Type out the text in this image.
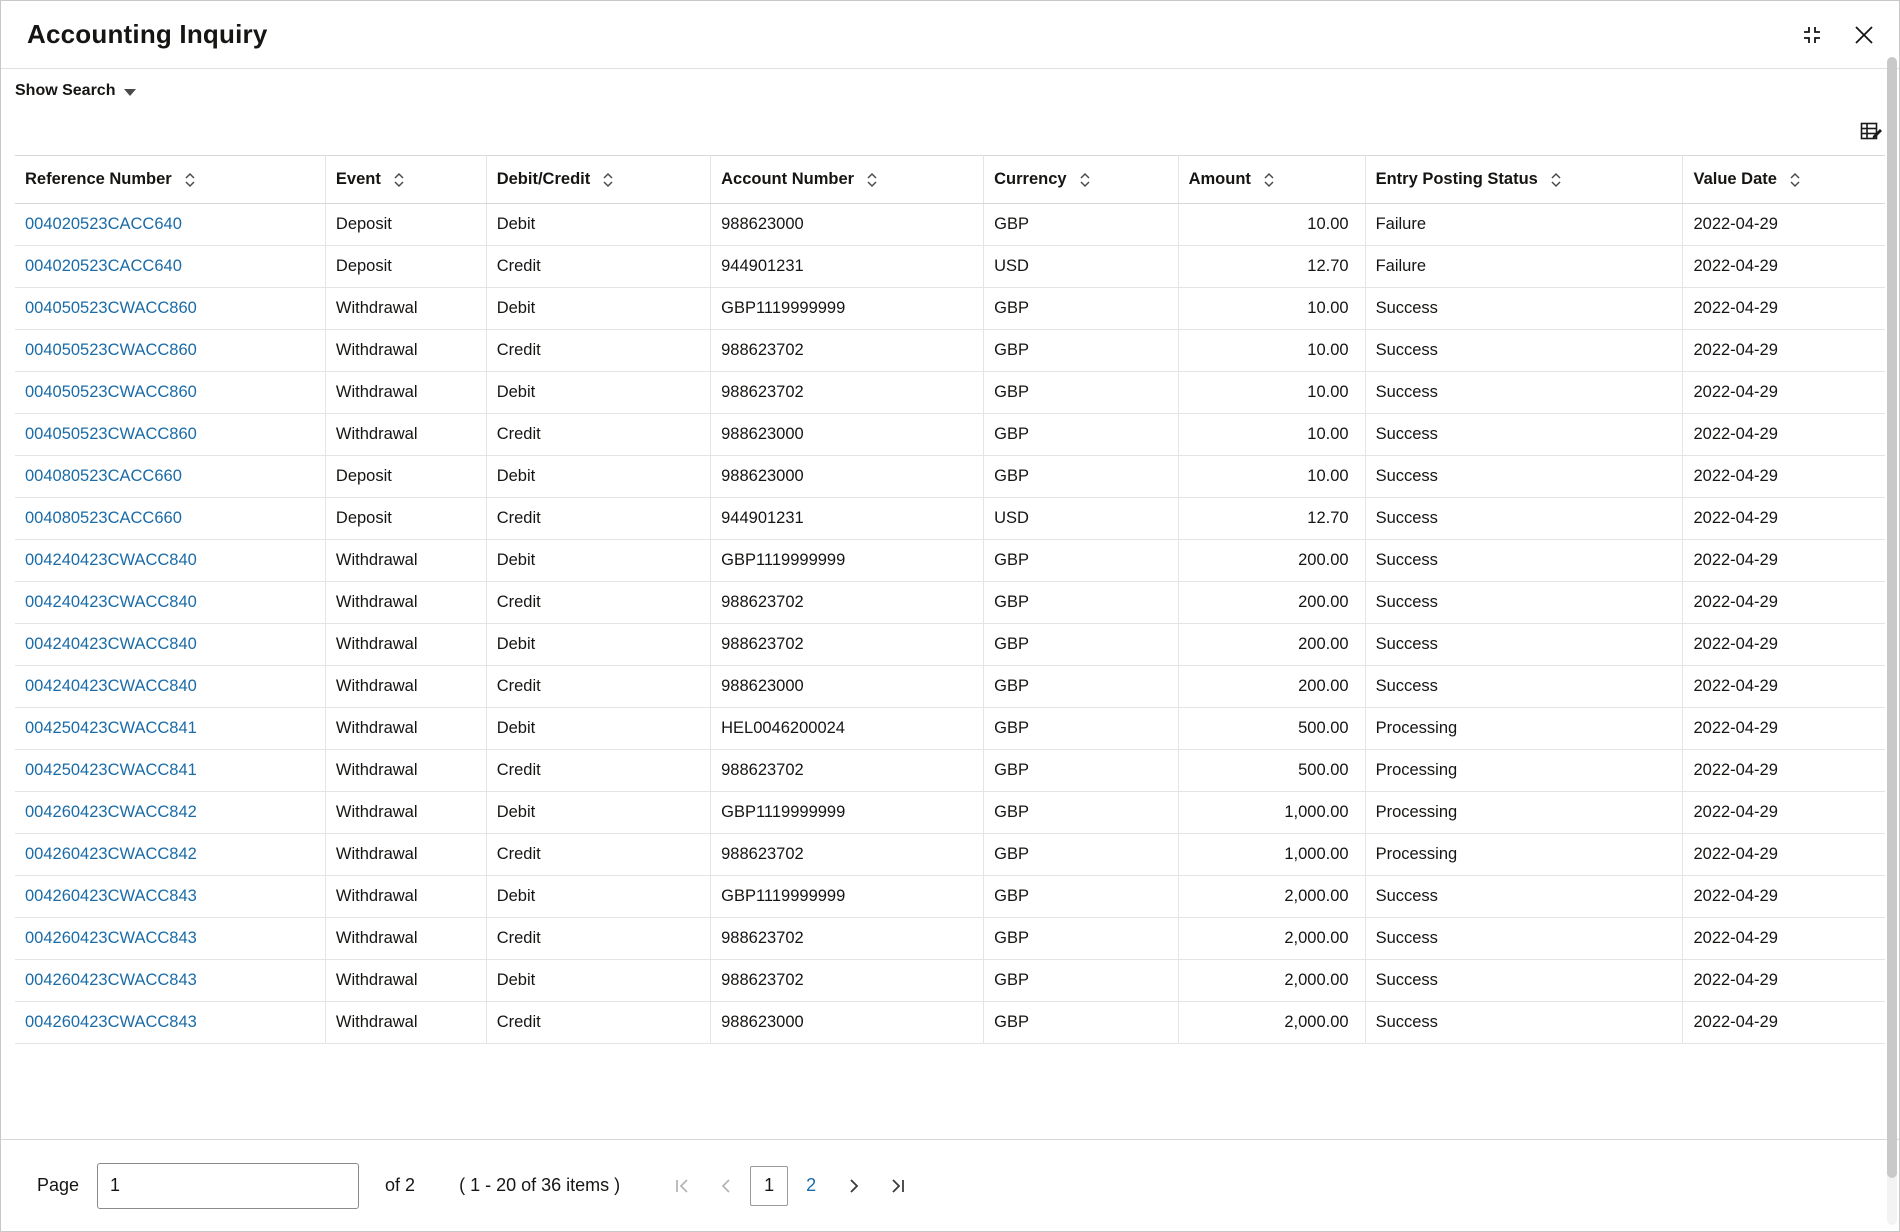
Accounting Inquiry
Show Search
Reference Number	Event	Debit/Credit	Account Number	Currency	Amount	Entry Posting Status	Value Date

004020523CACC640	Deposit	Debit	988623000	GBP	10.00	Failure	2022-04-29
004020523CACC640	Deposit	Credit	944901231	USD	12.70	Failure	2022-04-29
004050523CWACC860	Withdrawal	Debit	GBP1119999999	GBP	10.00	Success	2022-04-29
004050523CWACC860	Withdrawal	Credit	988623702	GBP	10.00	Success	2022-04-29
004050523CWACC860	Withdrawal	Debit	988623702	GBP	10.00	Success	2022-04-29
004050523CWACC860	Withdrawal	Credit	988623000	GBP	10.00	Success	2022-04-29
004080523CACC660	Deposit	Debit	988623000	GBP	10.00	Success	2022-04-29
004080523CACC660	Deposit	Credit	944901231	USD	12.70	Success	2022-04-29
004240423CWACC840	Withdrawal	Debit	GBP1119999999	GBP	200.00	Success	2022-04-29
004240423CWACC840	Withdrawal	Credit	988623702	GBP	200.00	Success	2022-04-29
004240423CWACC840	Withdrawal	Debit	988623702	GBP	200.00	Success	2022-04-29
004240423CWACC840	Withdrawal	Credit	988623000	GBP	200.00	Success	2022-04-29
004250423CWACC841	Withdrawal	Debit	HEL0046200024	GBP	500.00	Processing	2022-04-29
004250423CWACC841	Withdrawal	Credit	988623702	GBP	500.00	Processing	2022-04-29
004260423CWACC842	Withdrawal	Debit	GBP1119999999	GBP	1,000.00	Processing	2022-04-29
004260423CWACC842	Withdrawal	Credit	988623702	GBP	1,000.00	Processing	2022-04-29
004260423CWACC843	Withdrawal	Debit	GBP1119999999	GBP	2,000.00	Success	2022-04-29
004260423CWACC843	Withdrawal	Credit	988623702	GBP	2,000.00	Success	2022-04-29
004260423CWACC843	Withdrawal	Debit	988623702	GBP	2,000.00	Success	2022-04-29
004260423CWACC843	Withdrawal	Credit	988623000	GBP	2,000.00	Success	2022-04-29
Page
1	of 2 ( 1 - 20 of 36 items )	1	2
